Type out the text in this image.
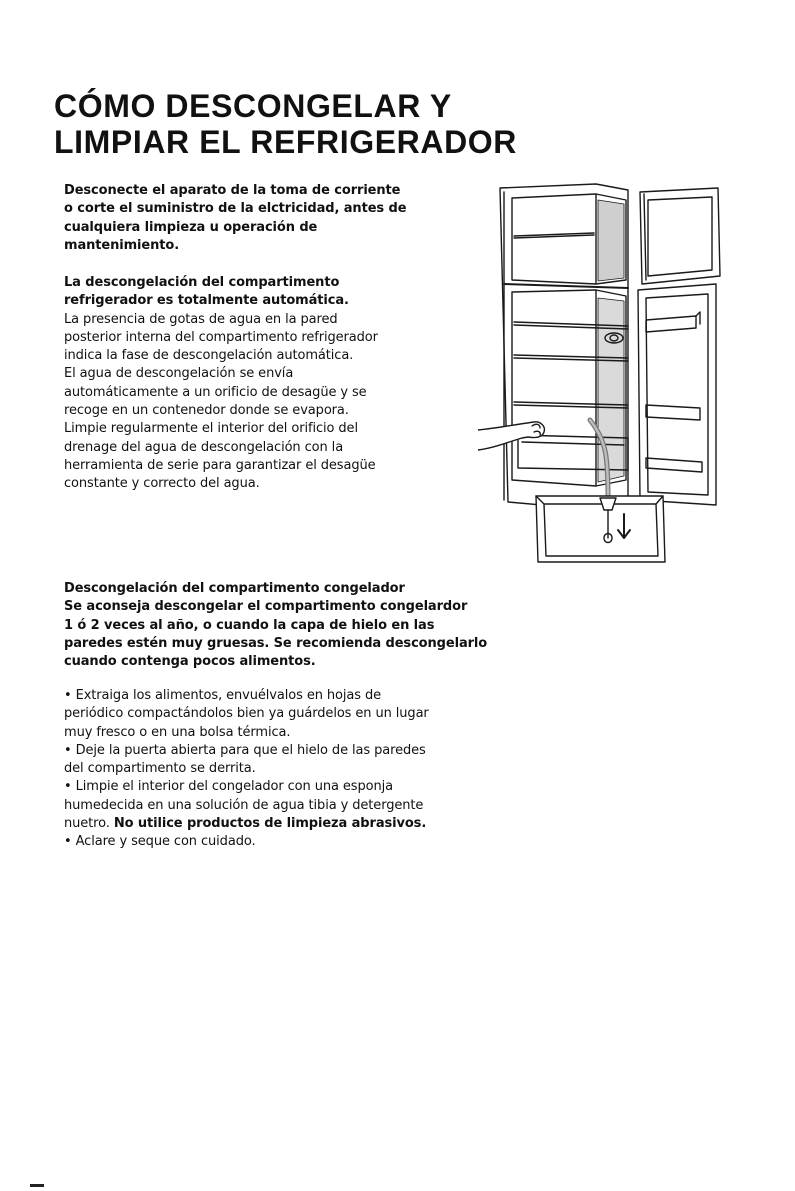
CÓMO DESCONGELAR Y
LIMPIAR EL REFRIGERADOR
Desconecte el aparato de la toma de corriente
o corte el suministro de la elctricidad, antes de
cualquiera limpieza u operación de
mantenimiento.
La descongelación del compartimento
refrigerador es totalmente automática.
La presencia de gotas de agua en la pared
posterior interna del compartimento refrigerador
indica la fase de descongelación automática.
El agua de descongelación se envía
automáticamente a un orificio de desagüe y se
recoge en un contenedor donde se evapora.
Limpie regularmente el interior del orificio del
drenage del agua de descongelación con la
herramienta de serie para garantizar el desagüe
constante y correcto del agua.
Descongelación del compartimento congelador
Se aconseja descongelar el compartimento congelardor
1 ó 2 veces al año, o cuando la capa de hielo en las
paredes estén muy gruesas. Se recomienda descongelarlo
cuando contenga pocos alimentos.
• Extraiga los alimentos, envuélvalos en hojas de
periódico compactándolos bien ya guárdelos en un lugar
muy fresco o en una bolsa térmica.
• Deje la puerta abierta para que el hielo de las paredes
del compartimento se derrita.
• Limpie el interior del congelador con una esponja
humedecida en una solución de agua tibia y detergente
nuetro. No utilice productos de limpieza abrasivos.
• Aclare y seque con cuidado.
